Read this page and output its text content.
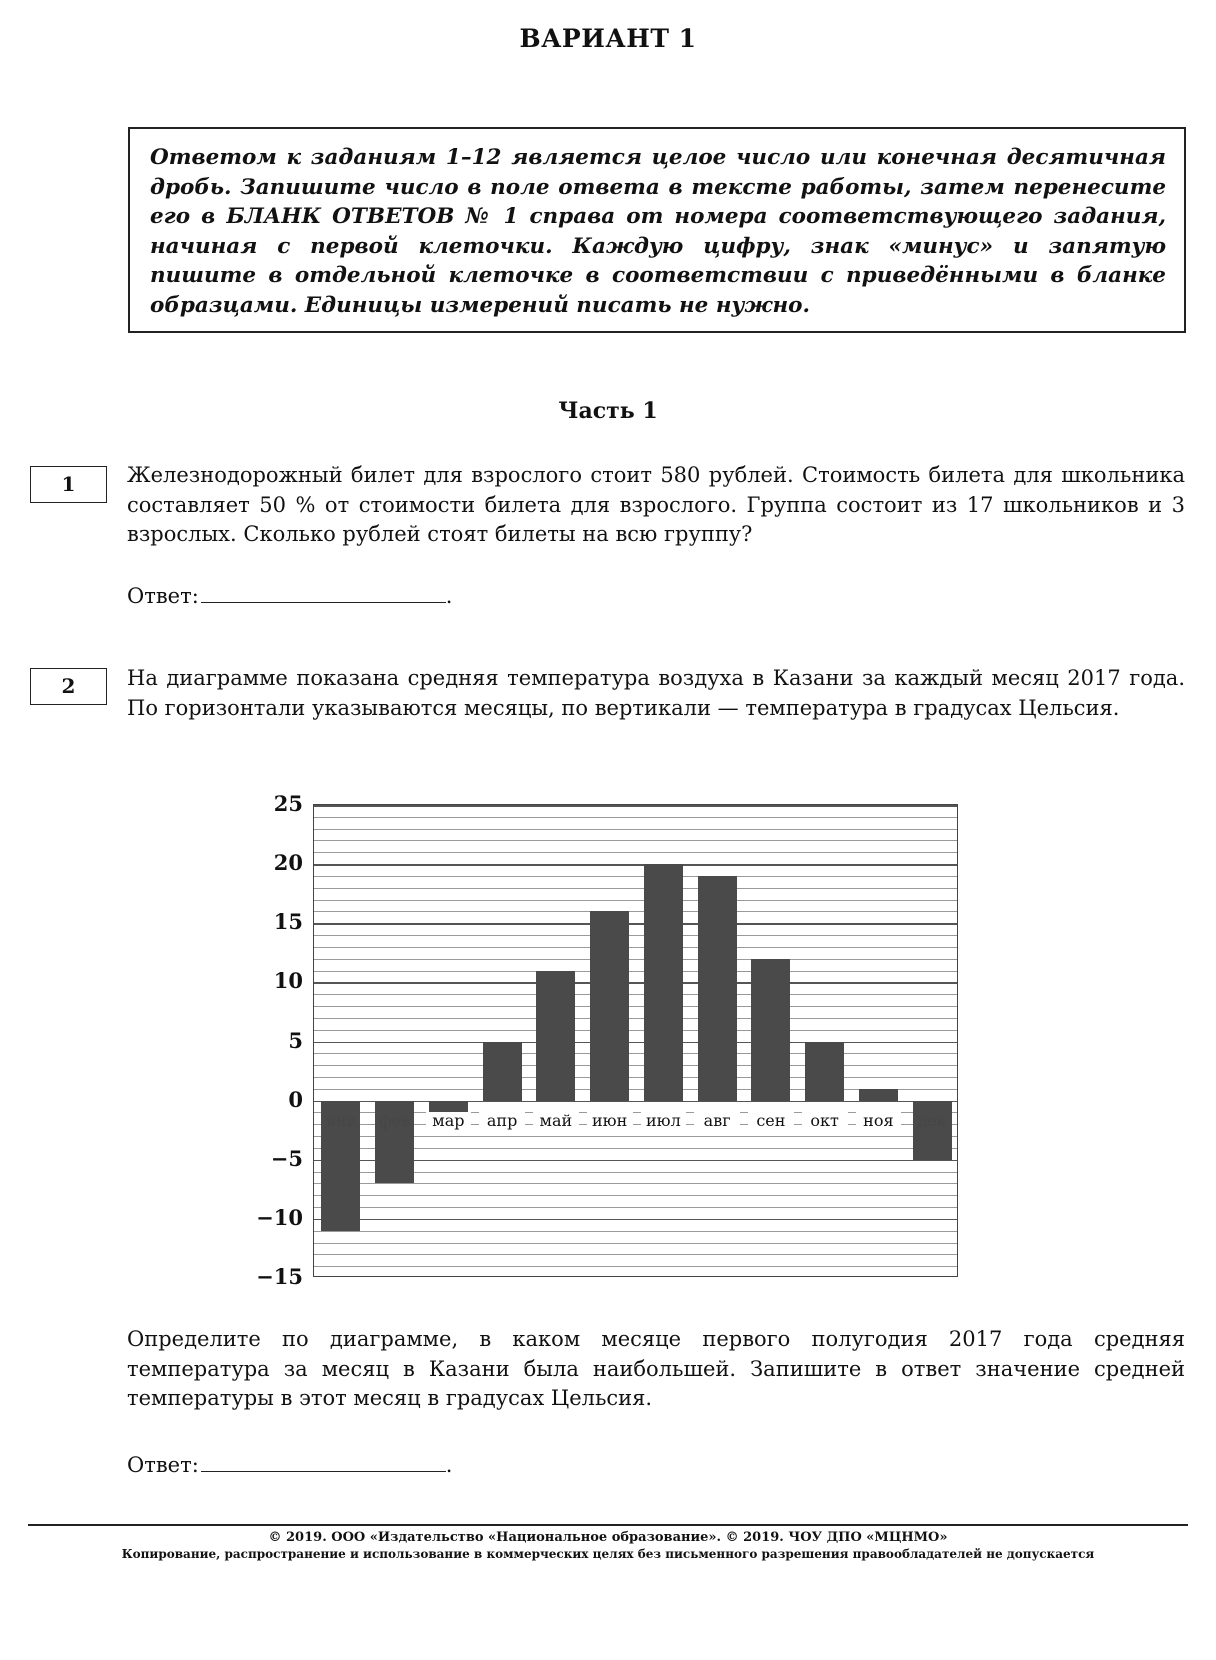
ВАРИАНТ 1
Ответом к заданиям 1–12 является целое число или конечная десятичная дробь. Запишите число в поле ответа в тексте работы, затем перенесите его в БЛАНК ОТВЕТОВ № 1 справа от номера соответствующего задания, начиная с первой клеточки. Каждую цифру, знак «минус» и запятую пишите в отдельной клеточке в соответствии с приведёнными в бланке образцами. Единицы измерений писать не нужно.
Часть 1
1	Железнодорожный билет для взрослого стоит 580 рублей. Стоимость билета для школьника составляет 50 % от стоимости билета для взрослого. Группа состоит из 17 школьников и 3 взрослых. Сколько рублей стоят билеты на всю группу?
Ответ:	.
2	На диаграмме показана средняя температура воздуха в Казани за каждый месяц 2017 года. По горизонтали указываются месяцы, по вертикали — температура в градусах Цельсия.
25
20
15
10
5
0
−5
−10
−15
мар	апр	май	июн	июл	авг	сен	окт	ноя
Определите по диаграмме, в каком месяце первого полугодия 2017 года средняя температура за месяц в Казани была наибольшей. Запишите в ответ значение средней температуры в этот месяц в градусах Цельсия.
Ответ:	.
© 2019. ООО «Издательство «Национальное образование». © 2019. ЧОУ ДПО «МЦНМО»
Копирование, распространение и использование в коммерческих целях без письменного разрешения правообладателей не допускается
